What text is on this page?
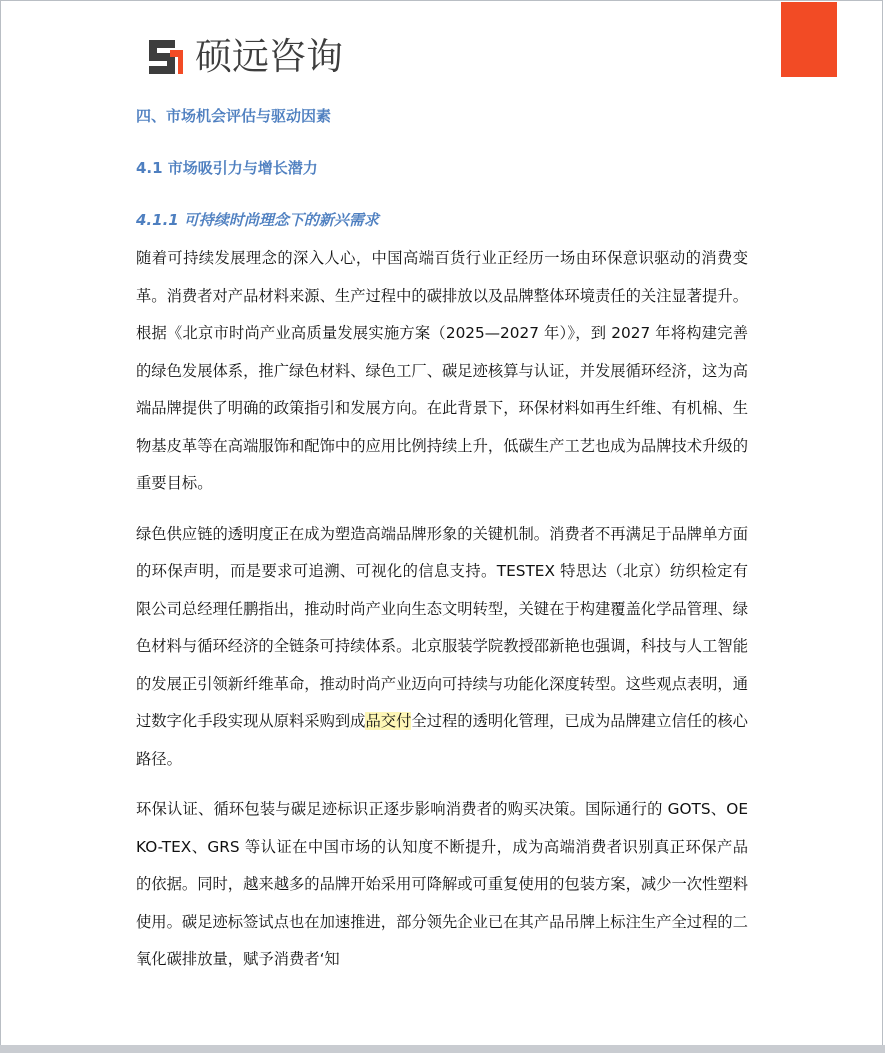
硕远咨询
四、市场机会评估与驱动因素
4.1 市场吸引力与增长潜力
4.1.1 可持续时尚理念下的新兴需求

随着可持续发展理念的深入人心，中国高端百货行业正经历一场由环保意识驱动的消费变革。消费者对产品材料来源、生产过程中的碳排放以及品牌整体环境责任的关注显著提升。根据《北京市时尚产业高质量发展实施方案（2025—2027 年）》，到 2027 年将构建完善的绿色发展体系，推广绿色材料、绿色工厂、碳足迹核算与认证，并发展循环经济，这为高端品牌提供了明确的政策指引和发展方向。在此背景下，环保材料如再生纤维、有机棉、生物基皮革等在高端服饰和配饰中的应用比例持续上升，低碳生产工艺也成为品牌技术升级的重要目标。

绿色供应链的透明度正在成为塑造高端品牌形象的关键机制。消费者不再满足于品牌单方面的环保声明，而是要求可追溯、可视化的信息支持。TESTEX 特思达（北京）纺织检定有限公司总经理任鹏指出，推动时尚产业向生态文明转型，关键在于构建覆盖化学品管理、绿色材料与循环经济的全链条可持续体系。北京服装学院教授邵新艳也强调，科技与人工智能的发展正引领新纤维革命，推动时尚产业迈向可持续与功能化深度转型。这些观点表明，通过数字化手段实现从原料采购到成品交付全过程的透明化管理，已成为品牌建立信任的核心路径。

环保认证、循环包装与碳足迹标识正逐步影响消费者的购买决策。国际通行的 GOTS、OEKO-TEX、GRS 等认证在中国市场的认知度不断提升，成为高端消费者识别真正环保产品的依据。同时，越来越多的品牌开始采用可降解或可重复使用的包装方案，减少一次性塑料使用。碳足迹标签试点也在加速推进，部分领先企业已在其产品吊牌上标注生产全过程的二氧化碳排放量，赋予消费者‘知
